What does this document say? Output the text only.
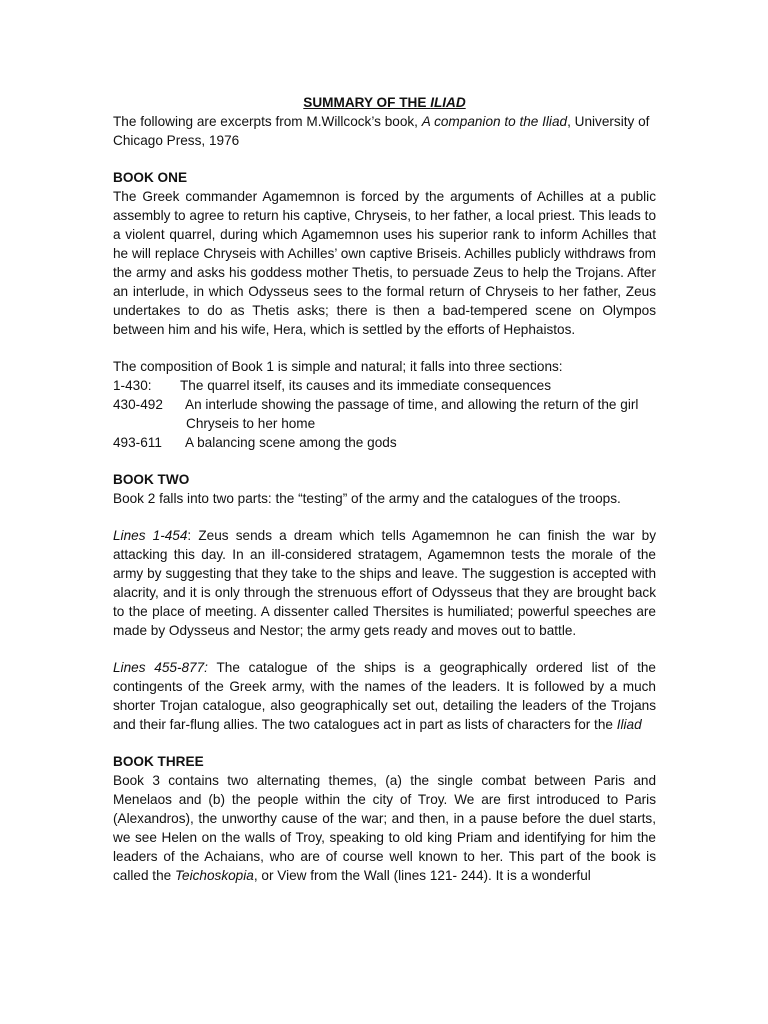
SUMMARY OF THE ILIAD

The following are excerpts from M.Willcock’s book, A companion to the Iliad, University of Chicago Press, 1976

BOOK ONE

The Greek commander Agamemnon is forced by the arguments of Achilles at a public assembly to agree to return his captive, Chryseis, to her father, a local priest. This leads to a violent quarrel, during which Agamemnon uses his superior rank to inform Achilles that he will replace Chryseis with Achilles’ own captive Briseis. Achilles publicly withdraws from the army and asks his goddess mother Thetis, to persuade Zeus to help the Trojans. After an interlude, in which Odysseus sees to the formal return of Chryseis to her father, Zeus undertakes to do as Thetis asks; there is then a bad-tempered scene on Olympos between him and his wife, Hera, which is settled by the efforts of Hephaistos.

The composition of Book 1 is simple and natural; it falls into three sections:

1-430:	The quarrel itself, its causes and its immediate consequences
430-492	An interlude showing the passage of time, and allowing the return of the girl

Chryseis to her home

493-611	A balancing scene among the gods

BOOK TWO

Book 2 falls into two parts: the “testing” of the army and the catalogues of the troops.

Lines 1-454: Zeus sends a dream which tells Agamemnon he can finish the war by attacking this day. In an ill-considered stratagem, Agamemnon tests the morale of the army by suggesting that they take to the ships and leave. The suggestion is accepted with alacrity, and it is only through the strenuous effort of Odysseus that they are brought back to the place of meeting. A dissenter called Thersites is humiliated; powerful speeches are made by Odysseus and Nestor; the army gets ready and moves out to battle.

Lines 455-877: The catalogue of the ships is a geographically ordered list of the contingents of the Greek army, with the names of the leaders. It is followed by a much shorter Trojan catalogue, also geographically set out, detailing the leaders of the Trojans and their far-flung allies. The two catalogues act in part as lists of characters for the Iliad

BOOK THREE

Book 3 contains two alternating themes, (a) the single combat between Paris and Menelaos and (b) the people within the city of Troy. We are first introduced to Paris (Alexandros), the unworthy cause of the war; and then, in a pause before the duel starts, we see Helen on the walls of Troy, speaking to old king Priam and identifying for him the leaders of the Achaians, who are of course well known to her. This part of the book is called the Teichoskopia, or View from the Wall (lines 121- 244). It is a wonderful
